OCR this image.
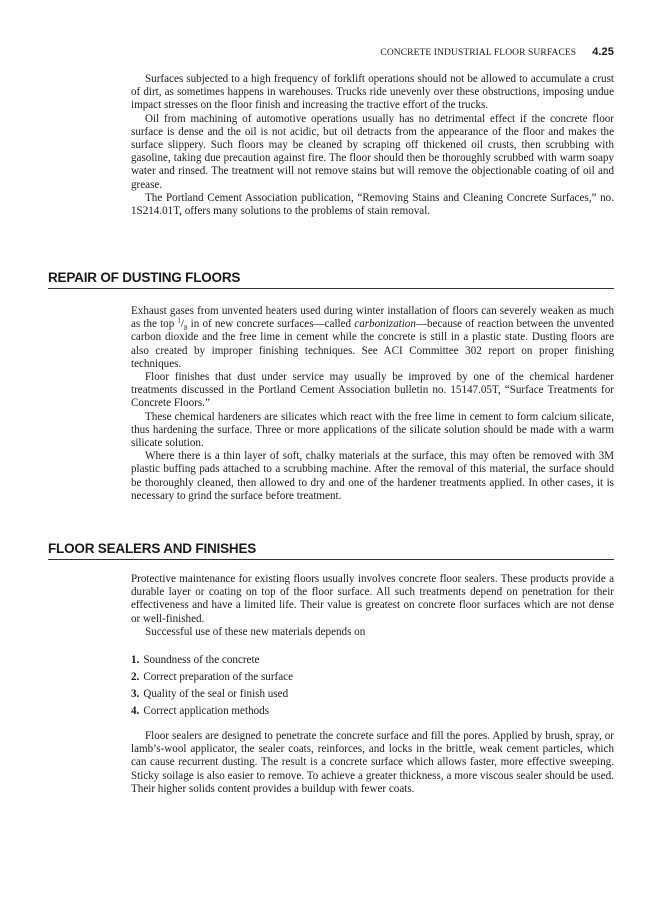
CONCRETE INDUSTRIAL FLOOR SURFACES 4.25

Surfaces subjected to a high frequency of forklift operations should not be allowed to accumulate a crust of dirt, as sometimes happens in warehouses. Trucks ride unevenly over these obstructions, imposing undue impact stresses on the floor finish and increasing the tractive effort of the trucks.

Oil from machining of automotive operations usually has no detrimental effect if the concrete floor surface is dense and the oil is not acidic, but oil detracts from the appearance of the floor and makes the surface slippery. Such floors may be cleaned by scraping off thickened oil crusts, then scrubbing with gasoline, taking due precaution against fire. The floor should then be thoroughly scrubbed with warm soapy water and rinsed. The treatment will not remove stains but will remove the objectionable coating of oil and grease.

The Portland Cement Association publication, “Removing Stains and Cleaning Concrete Surfaces,” no. 1S214.01T, offers many solutions to the problems of stain removal.

REPAIR OF DUSTING FLOORS

Exhaust gases from unvented heaters used during winter installation of floors can severely weaken as much as the top $^1/_8$ in of new concrete surfaces—called carbonization—because of reaction between the unvented carbon dioxide and the free lime in cement while the concrete is still in a plastic state. Dusting floors are also created by improper finishing techniques. See ACI Committee 302 report on proper finishing techniques.

Floor finishes that dust under service may usually be improved by one of the chemical hardener treatments discussed in the Portland Cement Association bulletin no. 15147.05T, “Surface Treatments for Concrete Floors.”

These chemical hardeners are silicates which react with the free lime in cement to form calcium silicate, thus hardening the surface. Three or more applications of the silicate solution should be made with a warm silicate solution.

Where there is a thin layer of soft, chalky materials at the surface, this may often be removed with 3M plastic buffing pads attached to a scrubbing machine. After the removal of this material, the surface should be thoroughly cleaned, then allowed to dry and one of the hardener treatments applied. In other cases, it is necessary to grind the surface before treatment.

FLOOR SEALERS AND FINISHES

Protective maintenance for existing floors usually involves concrete floor sealers. These products provide a durable layer or coating on top of the floor surface. All such treatments depend on penetration for their effectiveness and have a limited life. Their value is greatest on concrete floor surfaces which are not dense or well-finished.

Successful use of these new materials depends on

1. Soundness of the concrete
2. Correct preparation of the surface
3. Quality of the seal or finish used
4. Correct application methods

Floor sealers are designed to penetrate the concrete surface and fill the pores. Applied by brush, spray, or lamb’s-wool applicator, the sealer coats, reinforces, and locks in the brittle, weak cement particles, which can cause recurrent dusting. The result is a concrete surface which allows faster, more effective sweeping. Sticky soilage is also easier to remove. To achieve a greater thickness, a more viscous sealer should be used. Their higher solids content provides a buildup with fewer coats.
